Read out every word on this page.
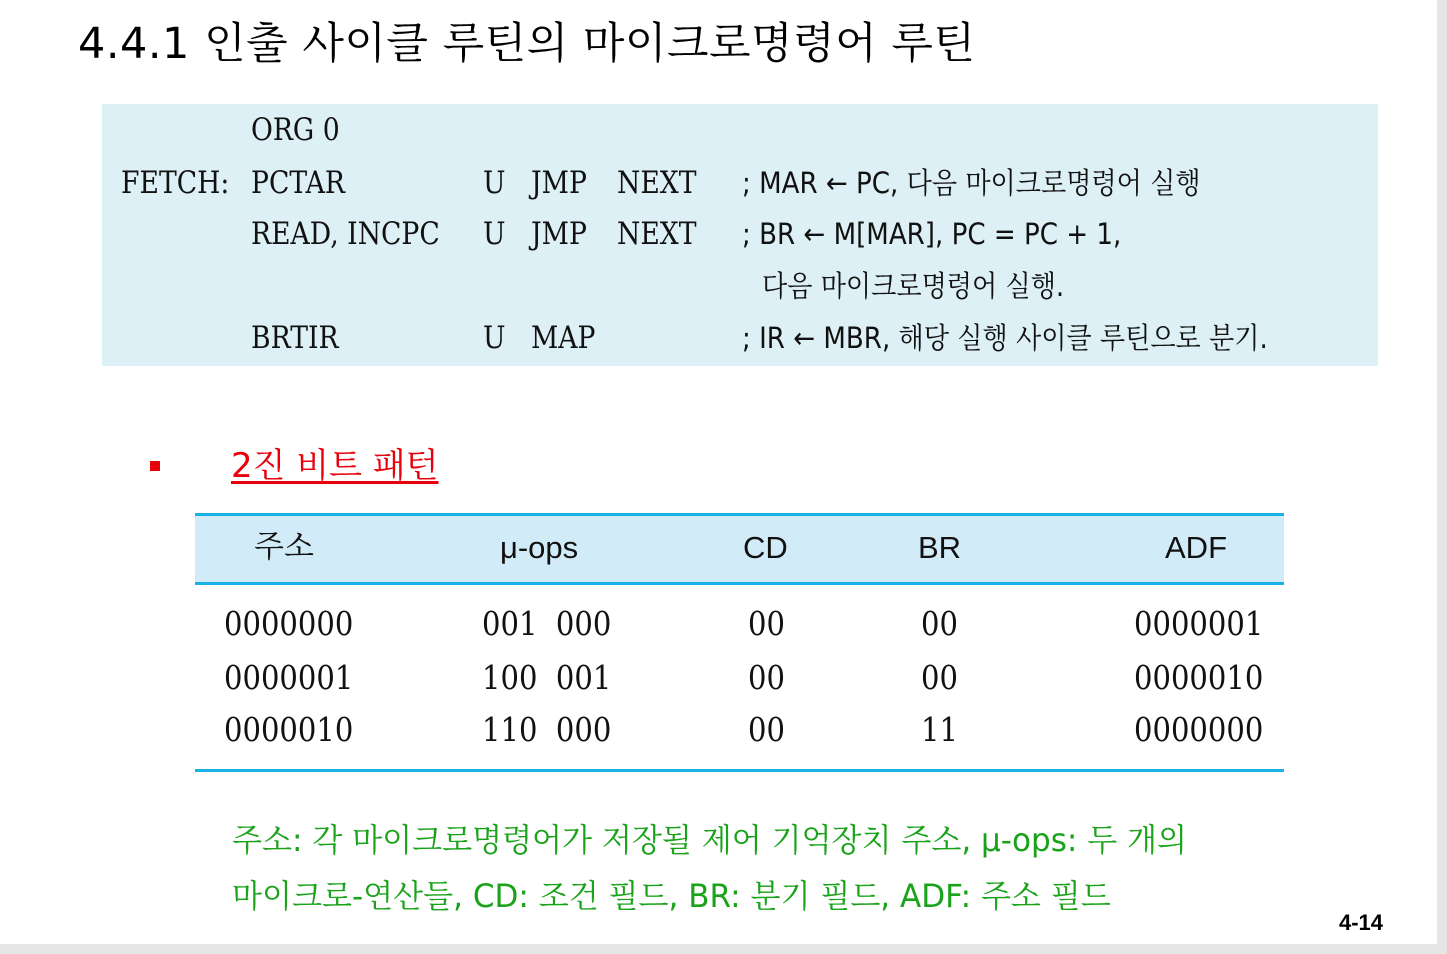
4.4.1 인출 사이클 루틴의 마이크로명령어 루틴
ORG 0
FETCH: PCTAR	U JMP NEXT ; MAR ← PC, 다음 마이크로명령어 실행
READ, INCPC U JMP NEXT ; BR ← M[MAR], PC = PC + 1,
다음 마이크로명령어 실행.
BRTIR	U MAP	; IR ← MBR, 해당 실행 사이클 루틴으로 분기.
2진 비트 패턴
주소	μ-ops	CD	BR	ADF
0000000	001  000	00	00	0000001
0000001	100  001	00	00	0000010
0000010	110  000	00	11	0000000
주소: 각 마이크로명령어가 저장될 제어 기억장치 주소, μ-ops: 두 개의
마이크로-연산들, CD: 조건 필드, BR: 분기 필드, ADF: 주소 필드
4-14
